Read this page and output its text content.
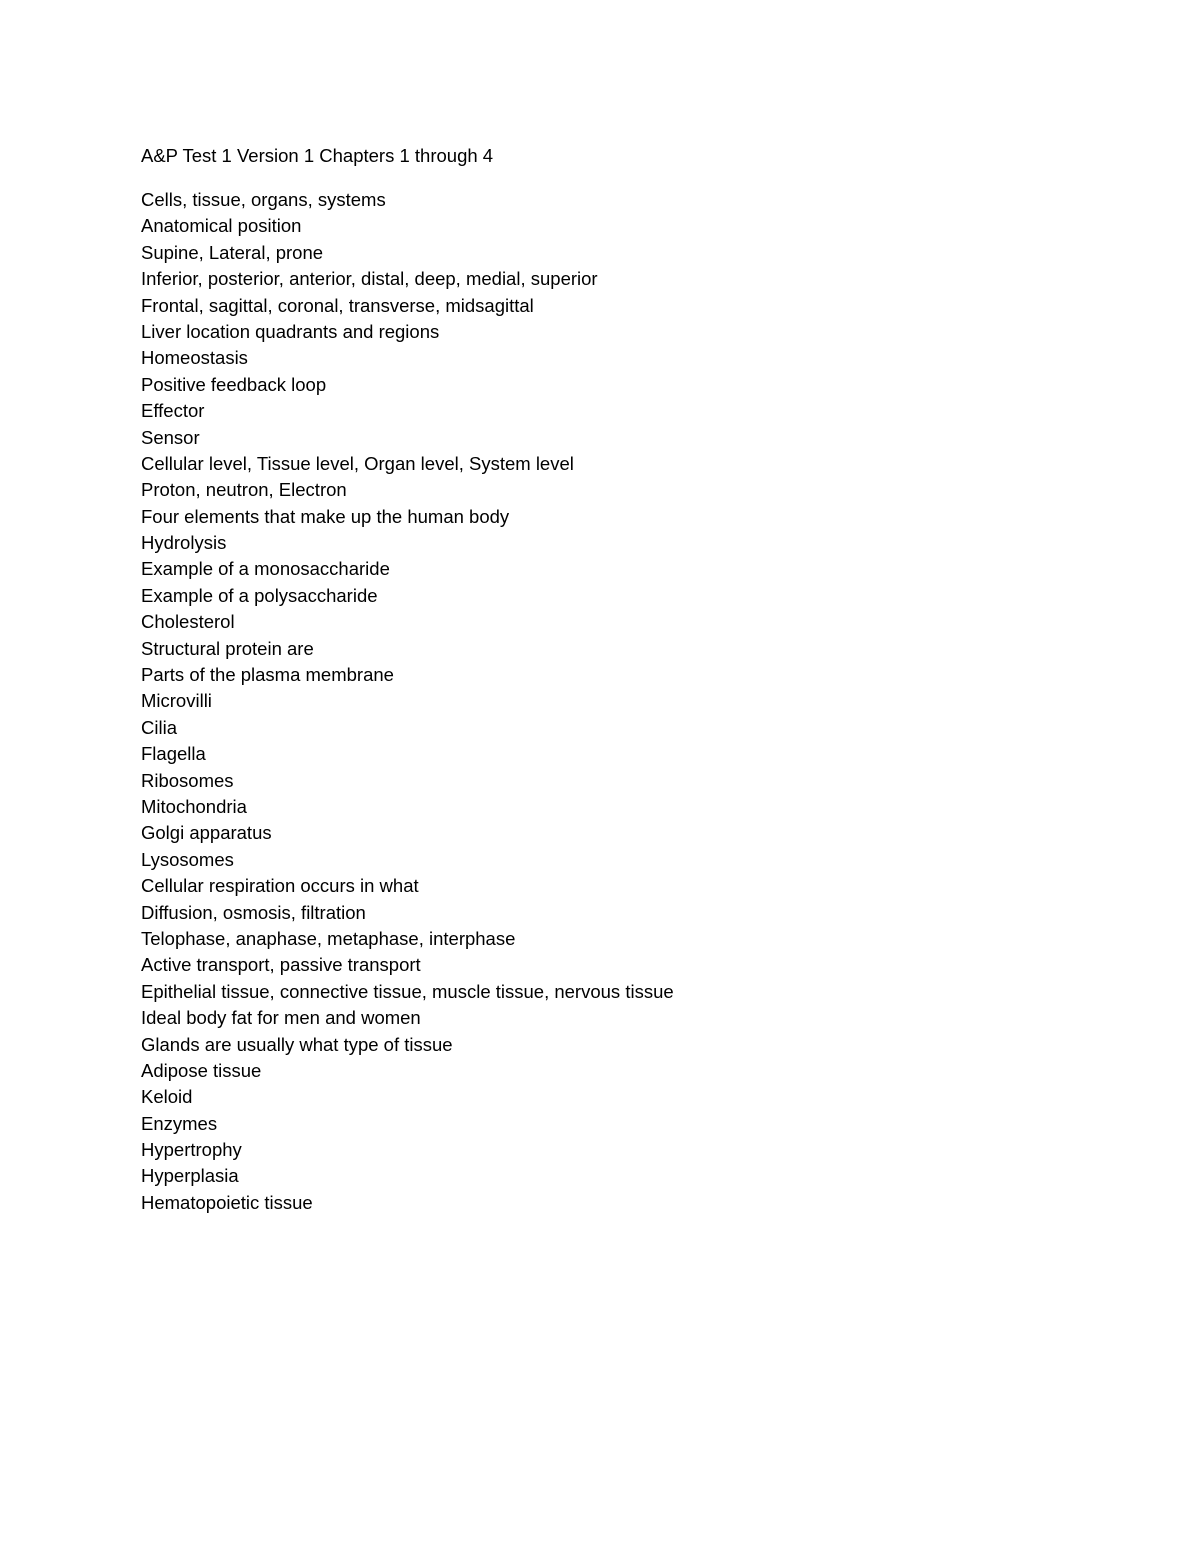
A&P Test 1 Version 1 Chapters 1 through 4
Cells, tissue, organs, systems
Anatomical position
Supine, Lateral, prone
Inferior, posterior, anterior, distal, deep, medial, superior
Frontal, sagittal, coronal, transverse, midsagittal
Liver location quadrants and regions
Homeostasis
Positive feedback loop
Effector
Sensor
Cellular level, Tissue level, Organ level, System level
Proton, neutron, Electron
Four elements that make up the human body
Hydrolysis
Example of a monosaccharide
Example of a polysaccharide
Cholesterol
Structural protein are
Parts of the plasma membrane
Microvilli
Cilia
Flagella
Ribosomes
Mitochondria
Golgi apparatus
Lysosomes
Cellular respiration occurs in what
Diffusion, osmosis, filtration
Telophase, anaphase, metaphase, interphase
Active transport, passive transport
Epithelial tissue, connective tissue, muscle tissue, nervous tissue
Ideal body fat for men and women
Glands are usually what type of tissue
Adipose tissue
Keloid
Enzymes
Hypertrophy
Hyperplasia
Hematopoietic tissue
